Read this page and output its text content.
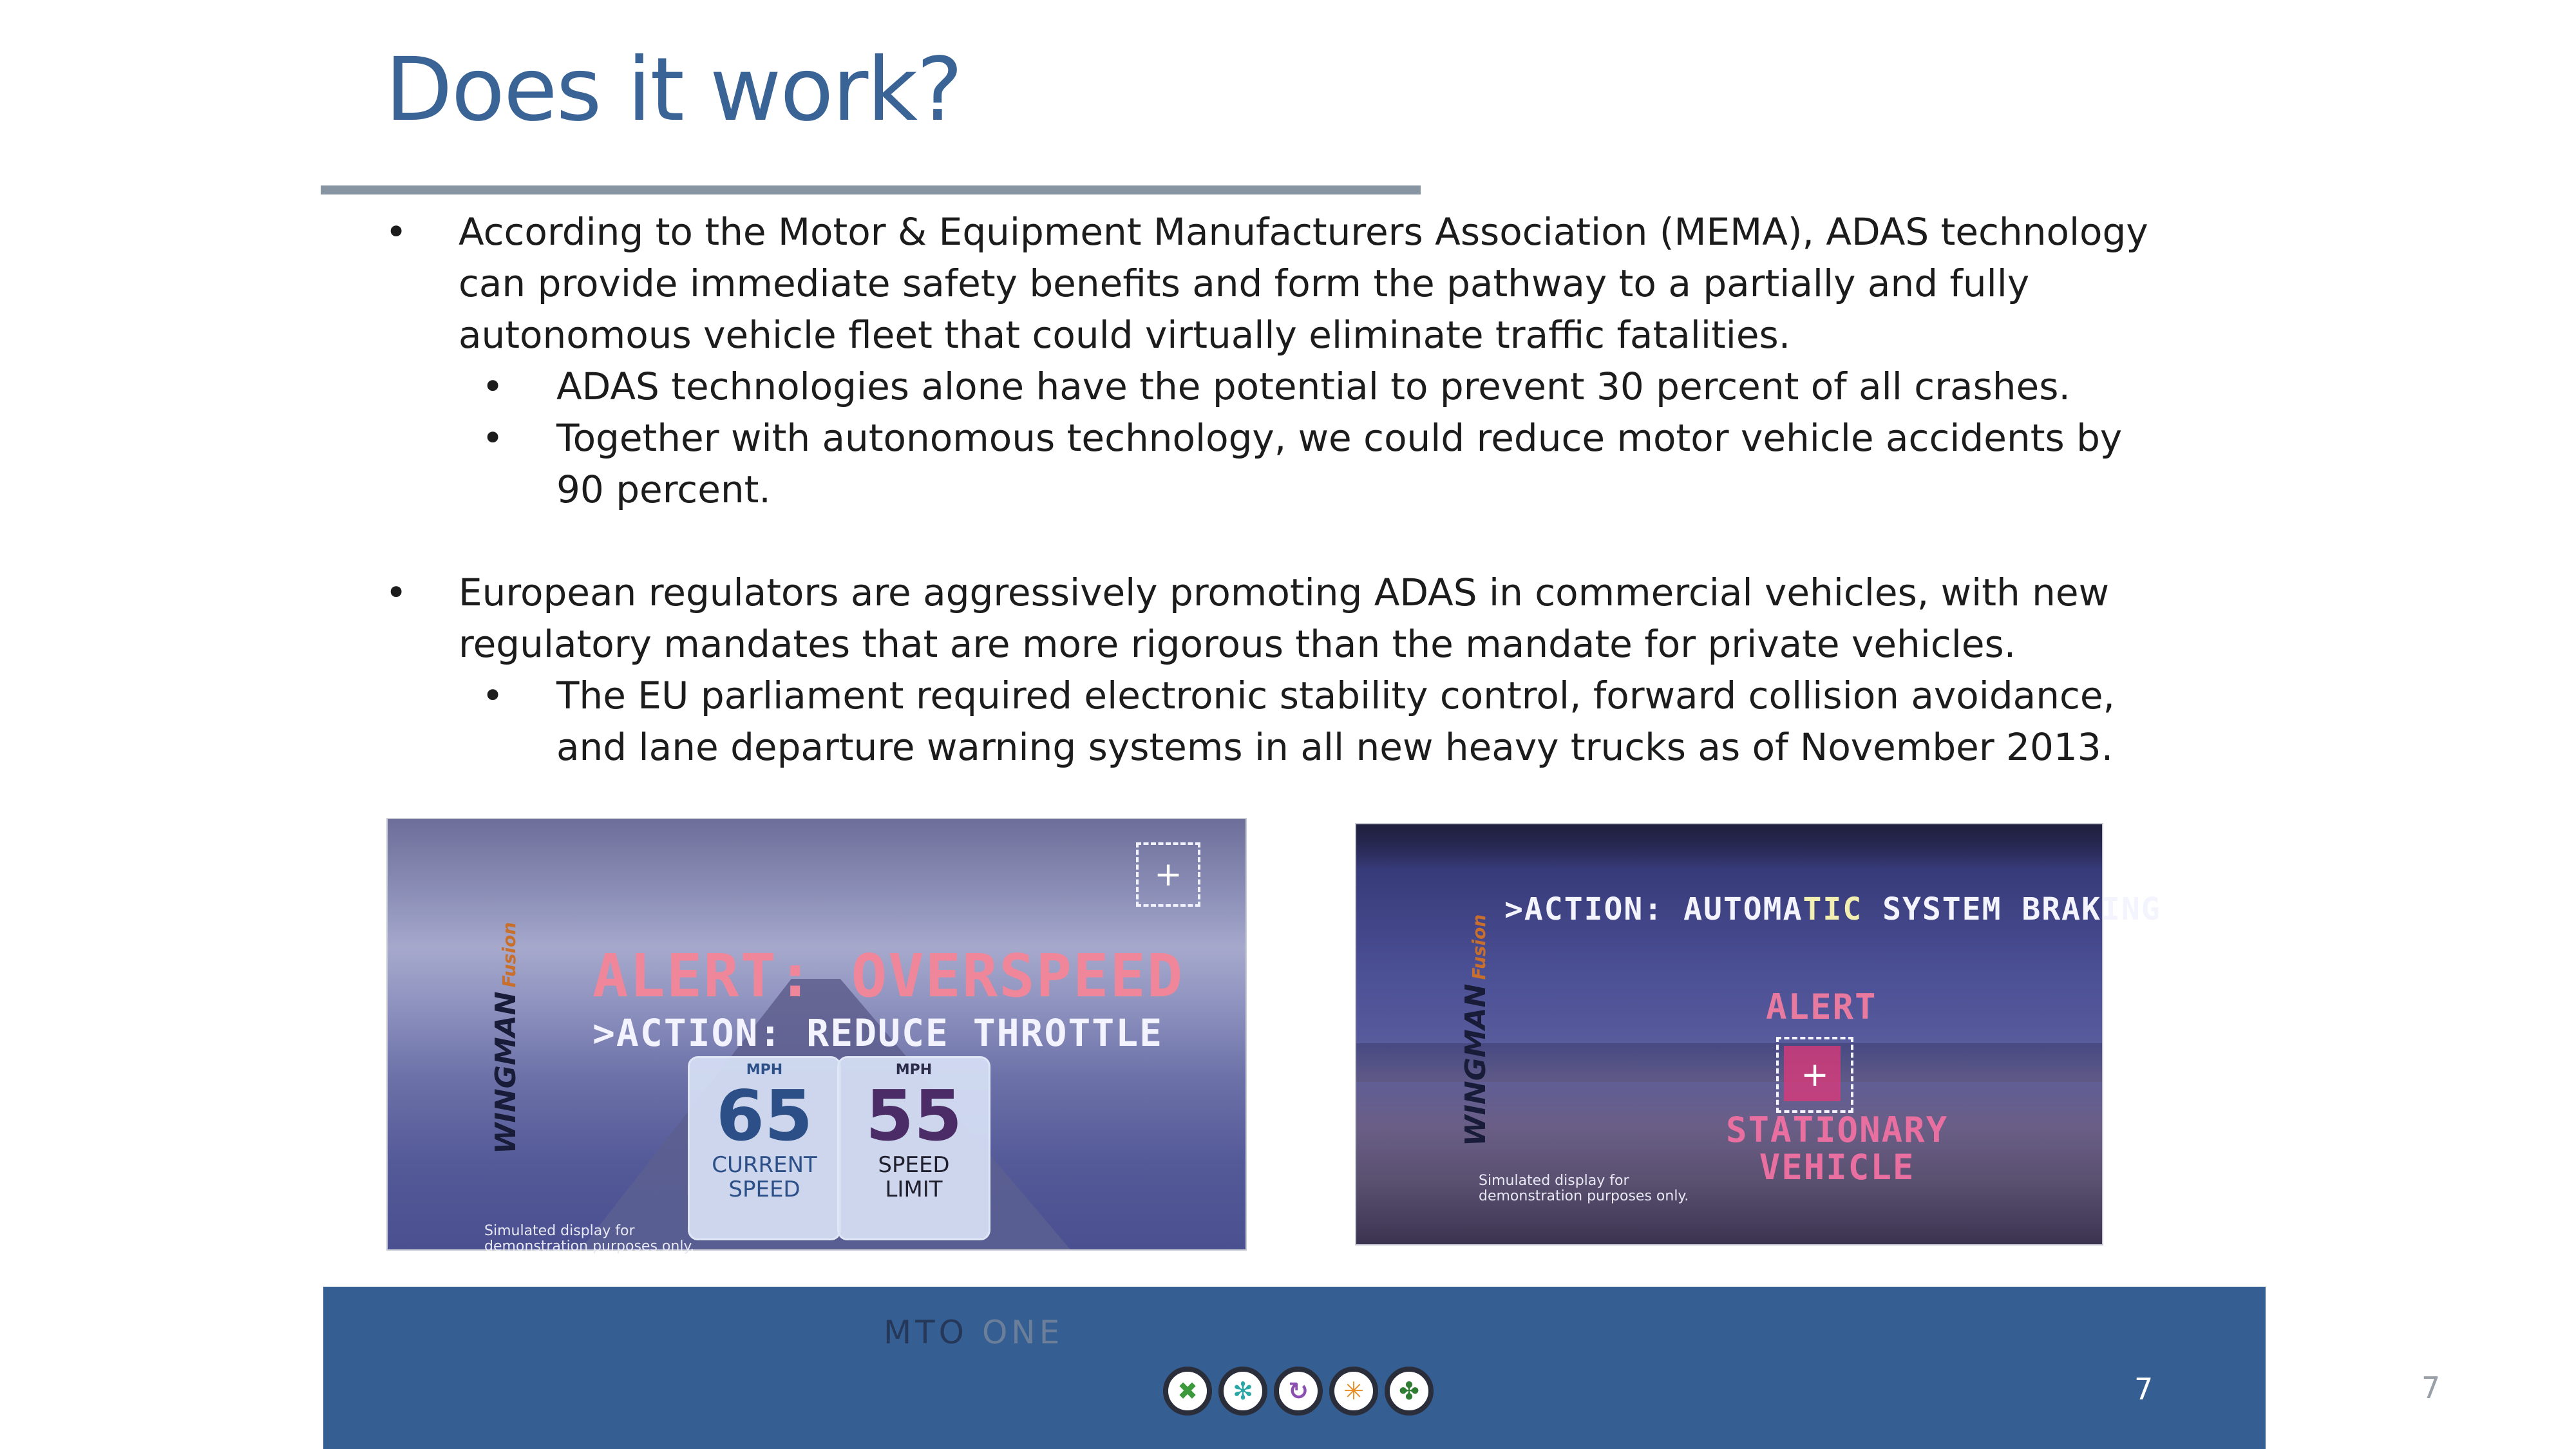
Does it work?
• According to the Motor & Equipment Manufacturers Association (MEMA), ADAS technology can provide immediate safety benefits and form the pathway to a partially and fully autonomous vehicle fleet that could virtually eliminate traffic fatalities.
• ADAS technologies alone have the potential to prevent 30 percent of all crashes.
• Together with autonomous technology, we could reduce motor vehicle accidents by 90 percent.
• European regulators are aggressively promoting ADAS in commercial vehicles, with new regulatory mandates that are more rigorous than the mandate for private vehicles.
• The EU parliament required electronic stability control, forward collision avoidance, and lane departure warning systems in all new heavy trucks as of November 2013.
+
ALERT: OVERSPEED
>ACTION: REDUCE THROTTLE
MPH
65
CURRENT
SPEED
MPH
55
SPEED
LIMIT
WINGMANFusion
Simulated display for
demonstration purposes only.
>ACTION: AUTOMATIC SYSTEM BRAKING
ALERT
+
STATIONARY
VEHICLE
WINGMANFusion
Simulated display for
demonstration purposes only.
MTO ONE
✖	✻	↻	✳	✤	7	7
